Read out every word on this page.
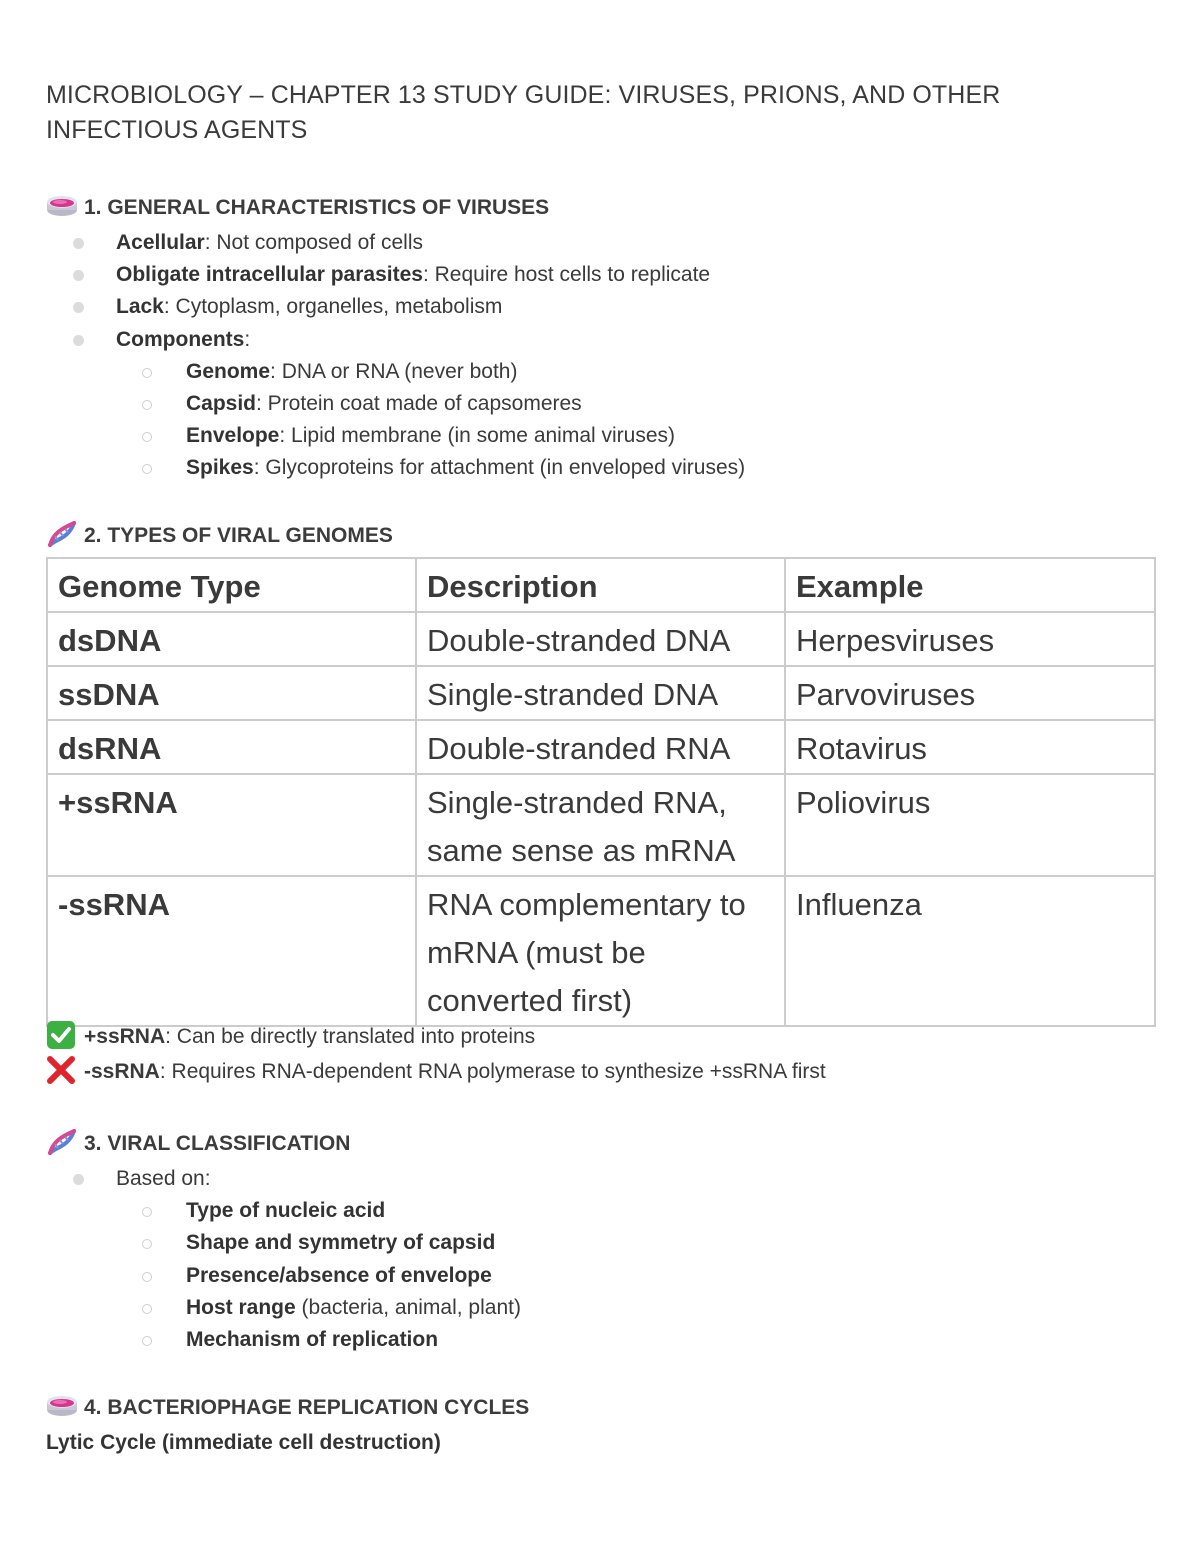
MICROBIOLOGY – CHAPTER 13 STUDY GUIDE: VIRUSES, PRIONS, AND OTHER INFECTIOUS AGENTS
1. GENERAL CHARACTERISTICS OF VIRUSES
Acellular: Not composed of cells
Obligate intracellular parasites: Require host cells to replicate
Lack: Cytoplasm, organelles, metabolism
Components:
Genome: DNA or RNA (never both)
Capsid: Protein coat made of capsomeres
Envelope: Lipid membrane (in some animal viruses)
Spikes: Glycoproteins for attachment (in enveloped viruses)
2. TYPES OF VIRAL GENOMES
Genome Type	Description	Example
dsDNA	Double-stranded DNA	Herpesviruses
ssDNA	Single-stranded DNA	Parvoviruses
dsRNA	Double-stranded RNA	Rotavirus
+ssRNA	Single-stranded RNA, same sense as mRNA	Poliovirus
-ssRNA	RNA complementary to mRNA (must be converted first)	Influenza
+ssRNA: Can be directly translated into proteins
-ssRNA: Requires RNA-dependent RNA polymerase to synthesize +ssRNA first
3. VIRAL CLASSIFICATION
Based on:
Type of nucleic acid
Shape and symmetry of capsid
Presence/absence of envelope
Host range (bacteria, animal, plant)
Mechanism of replication
4. BACTERIOPHAGE REPLICATION CYCLES
Lytic Cycle (immediate cell destruction)
